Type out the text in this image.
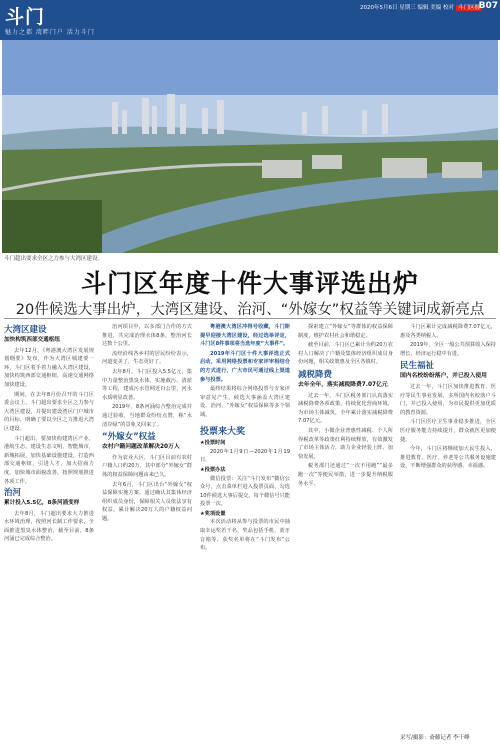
斗门
魅力之都 湾畔门户 活力斗门
2020年5月6日 星期三 编辑 美编 校对 斗门区报
B07
斗门超出要求全区之力参与大湾区建设。
斗门区年度十件大事评选出炉
20件候选大事出炉，大湾区建设、治河、“外嫁女”权益等关键词成新亮点
大湾区建设
加快构筑西部交通枢纽

去年12月，《粤港澳大湾区发展规划纲要》发布，作为大湾区城建要一环，斗门区着手着力融入大湾区建设，加快构筑西部交通枢纽，高速交通网络加快建设。

期间，在去年8月份召开的斗门区委会议上，斗门超出要求全区之力参与大湾区建设，并提出建设湾区门户城市的目标，明确了要以全区之力推进大湾区建设。

斗门超出，要加快构建湾区产业、港航生态，建设生态文明、智能城市，新城拓展，加快基础设施建设，打造西部交通枢纽，引进人才，加大招商力度，加快城市面貌改善，按照规划推进各项工作。

治河
累计投入5.5亿，8条河涌变样

去年8月，斗门超出要求大力推进水环境治理，按照河长制工作要求，全面推进黑臭水体整治，截至目前，8条河涌已完成综合整治。

治河项目中，以多部门合作的方式推进，共完成治理水体8条，整治河长达数十公里。

流经沿线各乡村的居民纷纷表示，河道变美了，生态更好了。

去年8月，斗门区投入5.5亿元，集中力量整治黑臭水体，实施截污、清淤等工程，建成污水管网近百公里，河水水质明显改善。

2019年，8条河涌综合整治完成并通过验收，当地群众纷纷点赞，称“水清岸绿”的景象又回来了。

“外嫁女”权益
农村户籍问题改革解决20万人

作为农业大区，斗门区目前有农村户籍人口约20万，其中部分“外嫁女”群体的权益保障问题由来已久。

去年6月，斗门区出台“外嫁女”权益保障实施方案，通过确认其集体经济组织成员身份，保障相关人员依法享有权益，累计解决20万人的户籍权益问题。

粤港澳大湾区冲得号收藏，斗门斯提早迎接大湾区建设，经过选举评定，斗门区8件事项将当选年度“大事件”。

2019年斗门区十件大事评选正式启动，采用网络投票和专家评审相结合的方式进行，广大市民可通过线上渠道参与投票。

最终结果将综合网络投票与专家评审意见产生，候选大事涵盖大湾区建设、治河、“外嫁女”权益保障等多个领域。

投票来大奖
★投票时间

2020年1月9日—2020年1月19日。

★投票办法

微信投票：关注“斗门发布”微信公众号，点击菜单栏进入投票页面，勾选10件候选大事后提交。每个微信号只能投票一次。

★奖项设置

本次活动将从参与投票的市民中抽取幸运奖若干名，奖品包括手机、蓝牙音箱等，获奖名单将在“斗门发布”公布。

探索建立“外嫁女”等群体的权益保障制度，维护农村社会和谐稳定。

截至目前，斗门区已累计为约20万农村人口解决了户籍及集体经济组织成员身份问题，相关政策惠及全区各镇村。

减税降费
去年全年，落实减税降费7.07亿元

过去一年，斗门区税务部门认真落实减税降费各项政策，持续优化营商环境，为市场主体减负，全年累计落实减税降费7.07亿元。

其中，小微企业普惠性减税、个人所得税改革等政策红利持续释放，有效激发了市场主体活力，助力企业轻装上阵、加快发展。

税务部门还通过“一次不用跑”“最多跑一次”等便民举措，进一步提升纳税服务水平。

斗门区累计完成减税降费7.07亿元，惠及各类纳税人。

2019年，全区一般公共预算收入保持增长，经济运行稳中有进。

民生福祉
国内名校纷纷落户，并已投入使用

过去一年，斗门区加快推进教育、医疗等民生事业发展，多所国内名校落户斗门，并已投入使用，为市民提供更加优质的教育资源。

斗门区医疗卫生事业稳步推进，全区医疗服务能力持续提升，群众就医更加便捷。

今年，斗门区将继续加大民生投入，推进教育、医疗、养老等公共服务设施建设，不断增强群众的获得感、幸福感。

采写/摄影：斋藤记者 李干峰
